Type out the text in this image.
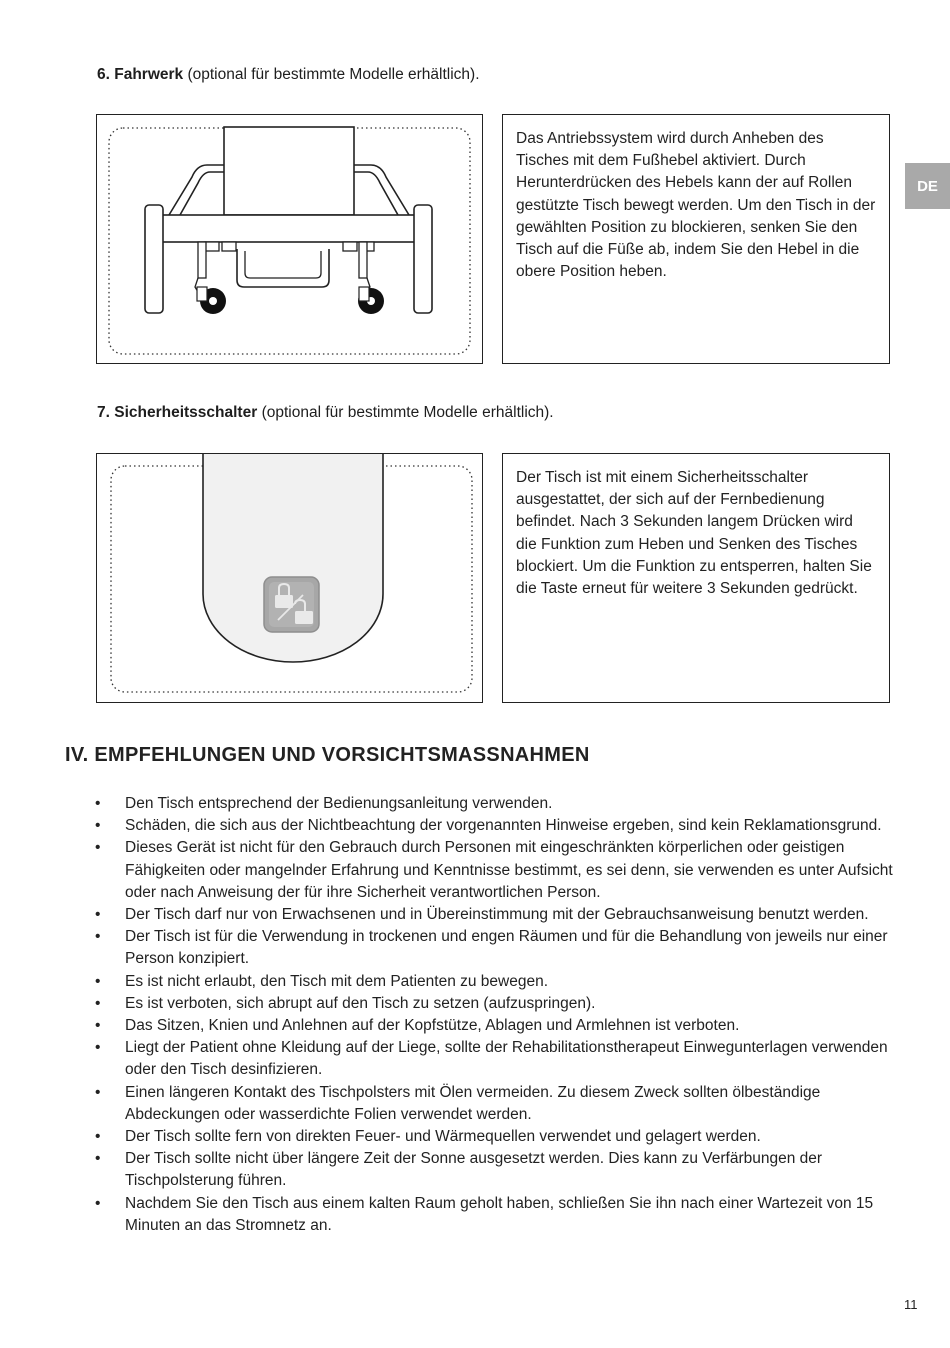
DE
6. Fahrwerk (optional für bestimmte Modelle erhältlich).
Das Antriebssystem wird durch Anheben des Tisches mit dem Fußhebel aktiviert. Durch Herunterdrücken des Hebels kann der auf Rollen gestützte Tisch bewegt werden. Um den Tisch in der gewählten Position zu blockieren, senken Sie den Tisch auf die Füße ab, indem Sie den Hebel in die obere Position heben.
7. Sicherheitsschalter (optional für bestimmte Modelle erhältlich).
Der Tisch ist mit einem Sicherheitsschalter ausgestattet, der sich auf der Fernbedienung befindet. Nach 3 Sekunden langem Drücken wird die Funktion zum Heben und Senken des Tisches blockiert. Um die Funktion zu entsperren, halten Sie die Taste erneut für weitere 3 Sekunden gedrückt.
IV. EMPFEHLUNGEN UND VORSICHTSMASSNAHMEN
• Den Tisch entsprechend der Bedienungsanleitung verwenden.
• Schäden, die sich aus der Nichtbeachtung der vorgenannten Hinweise ergeben, sind kein Reklamationsgrund.
• Dieses Gerät ist nicht für den Gebrauch durch Personen mit eingeschränkten körperlichen oder geistigen Fähigkeiten oder mangelnder Erfahrung und Kenntnisse bestimmt, es sei denn, sie verwenden es unter Aufsicht oder nach Anweisung der für ihre Sicherheit verantwortlichen Person.
• Der Tisch darf nur von Erwachsenen und in Übereinstimmung mit der Gebrauchsanweisung benutzt werden.
• Der Tisch ist für die Verwendung in trockenen und engen Räumen und für die Behandlung von jeweils nur einer Person konzipiert.
• Es ist nicht erlaubt, den Tisch mit dem Patienten zu bewegen.
• Es ist verboten, sich abrupt auf den Tisch zu setzen (aufzuspringen).
• Das Sitzen, Knien und Anlehnen auf der Kopfstütze, Ablagen und Armlehnen ist verboten.
• Liegt der Patient ohne Kleidung auf der Liege, sollte der Rehabilitationstherapeut Einwegunterlagen verwenden oder den Tisch desinfizieren.
• Einen längeren Kontakt des Tischpolsters mit Ölen vermeiden. Zu diesem Zweck sollten ölbeständige Abdeckungen oder wasserdichte Folien verwendet werden.
• Der Tisch sollte fern von direkten Feuer- und Wärmequellen verwendet und gelagert werden.
• Der Tisch sollte nicht über längere Zeit der Sonne ausgesetzt werden. Dies kann zu Verfärbungen der Tischpolsterung führen.
• Nachdem Sie den Tisch aus einem kalten Raum geholt haben, schließen Sie ihn nach einer Wartezeit von 15 Minuten an das Stromnetz an.
11
